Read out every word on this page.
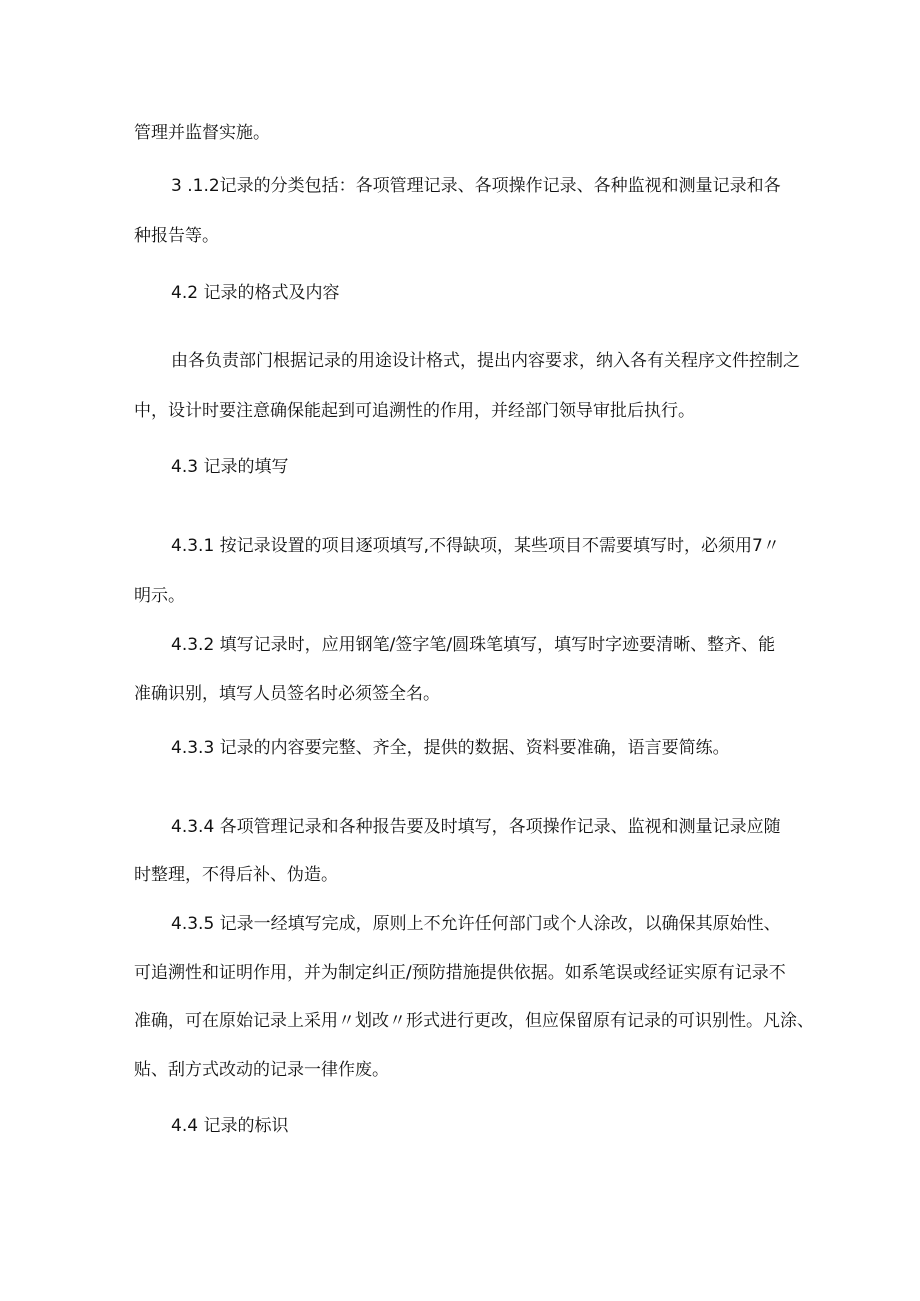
管理并监督实施。
3 .1.2记录的分类包括：各项管理记录、各项操作记录、各种监视和测量记录和各
种报告等。
4.2 记录的格式及内容
由各负责部门根据记录的用途设计格式，提出内容要求，纳入各有关程序文件控制之
中，设计时要注意确保能起到可追溯性的作用，并经部门领导审批后执行。
4.3 记录的填写
4.3.1 按记录设置的项目逐项填写,不得缺项，某些项目不需要填写时，必须用7〃
明示。
4.3.2 填写记录时，应用钢笔/签字笔/圆珠笔填写，填写时字迹要清晰、整齐、能
准确识别，填写人员签名时必须签全名。
4.3.3 记录的内容要完整、齐全，提供的数据、资料要准确，语言要简练。
4.3.4 各项管理记录和各种报告要及时填写，各项操作记录、监视和测量记录应随
时整理，不得后补、伪造。
4.3.5 记录一经填写完成，原则上不允许任何部门或个人涂改，以确保其原始性、
可追溯性和证明作用，并为制定纠正/预防措施提供依据。如系笔误或经证实原有记录不
准确，可在原始记录上采用〃划改〃形式进行更改，但应保留原有记录的可识别性。凡涂、
贴、刮方式改动的记录一律作废。
4.4 记录的标识
